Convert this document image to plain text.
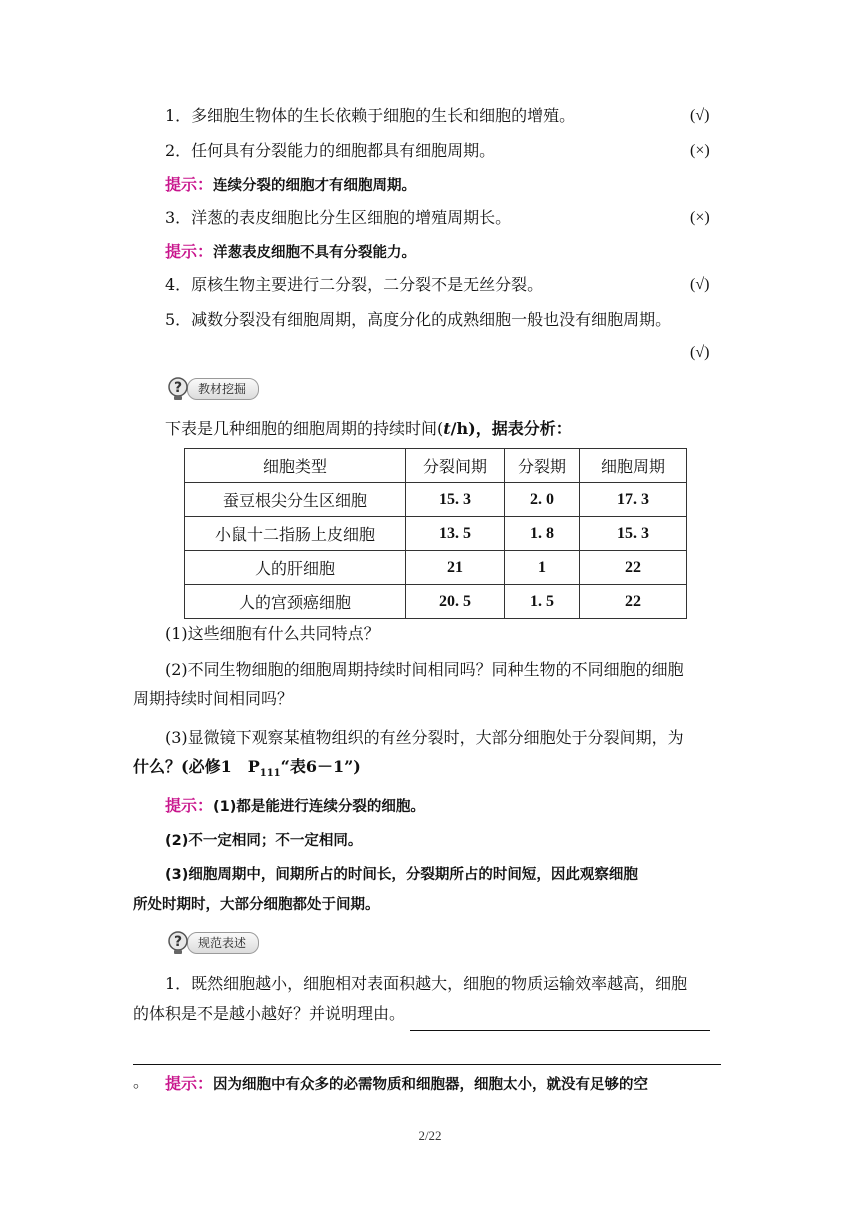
1．多细胞生物体的生长依赖于细胞的生长和细胞的增殖。	(√)
2．任何具有分裂能力的细胞都具有细胞周期。	(×)
提示：连续分裂的细胞才有细胞周期。
3．洋葱的表皮细胞比分生区细胞的增殖周期长。	(×)
提示：洋葱表皮细胞不具有分裂能力。
4．原核生物主要进行二分裂，二分裂不是无丝分裂。	(√)
5．减数分裂没有细胞周期，高度分化的成熟细胞一般也没有细胞周期。
(√)
?	教材挖掘
下表是几种细胞的细胞周期的持续时间(t/h)，据表分析：
细胞类型	分裂间期	分裂期	细胞周期
蚕豆根尖分生区细胞	15. 3	2. 0	17. 3
小鼠十二指肠上皮细胞	13. 5	1. 8	15. 3
人的肝细胞	21	1	22
人的宫颈癌细胞	20. 5	1. 5	22
(1)这些细胞有什么共同特点？
(2)不同生物细胞的细胞周期持续时间相同吗？同种生物的不同细胞的细胞
周期持续时间相同吗？
(3)显微镜下观察某植物组织的有丝分裂时，大部分细胞处于分裂间期，为
什么？(必修1　$P_{111}“$表6－1”)
提示：(1)都是能进行连续分裂的细胞。
(2)不一定相同；不一定相同。
(3)细胞周期中，间期所占的时间长，分裂期所占的时间短，因此观察细胞
所处时期时，大部分细胞都处于间期。
?	规范表述
1．既然细胞越小，细胞相对表面积越大，细胞的物质运输效率越高，细胞
的体积是不是越小越好？并说明理由。
。 提示：因为细胞中有众多的必需物质和细胞器，细胞太小，就没有足够的空
2/22
